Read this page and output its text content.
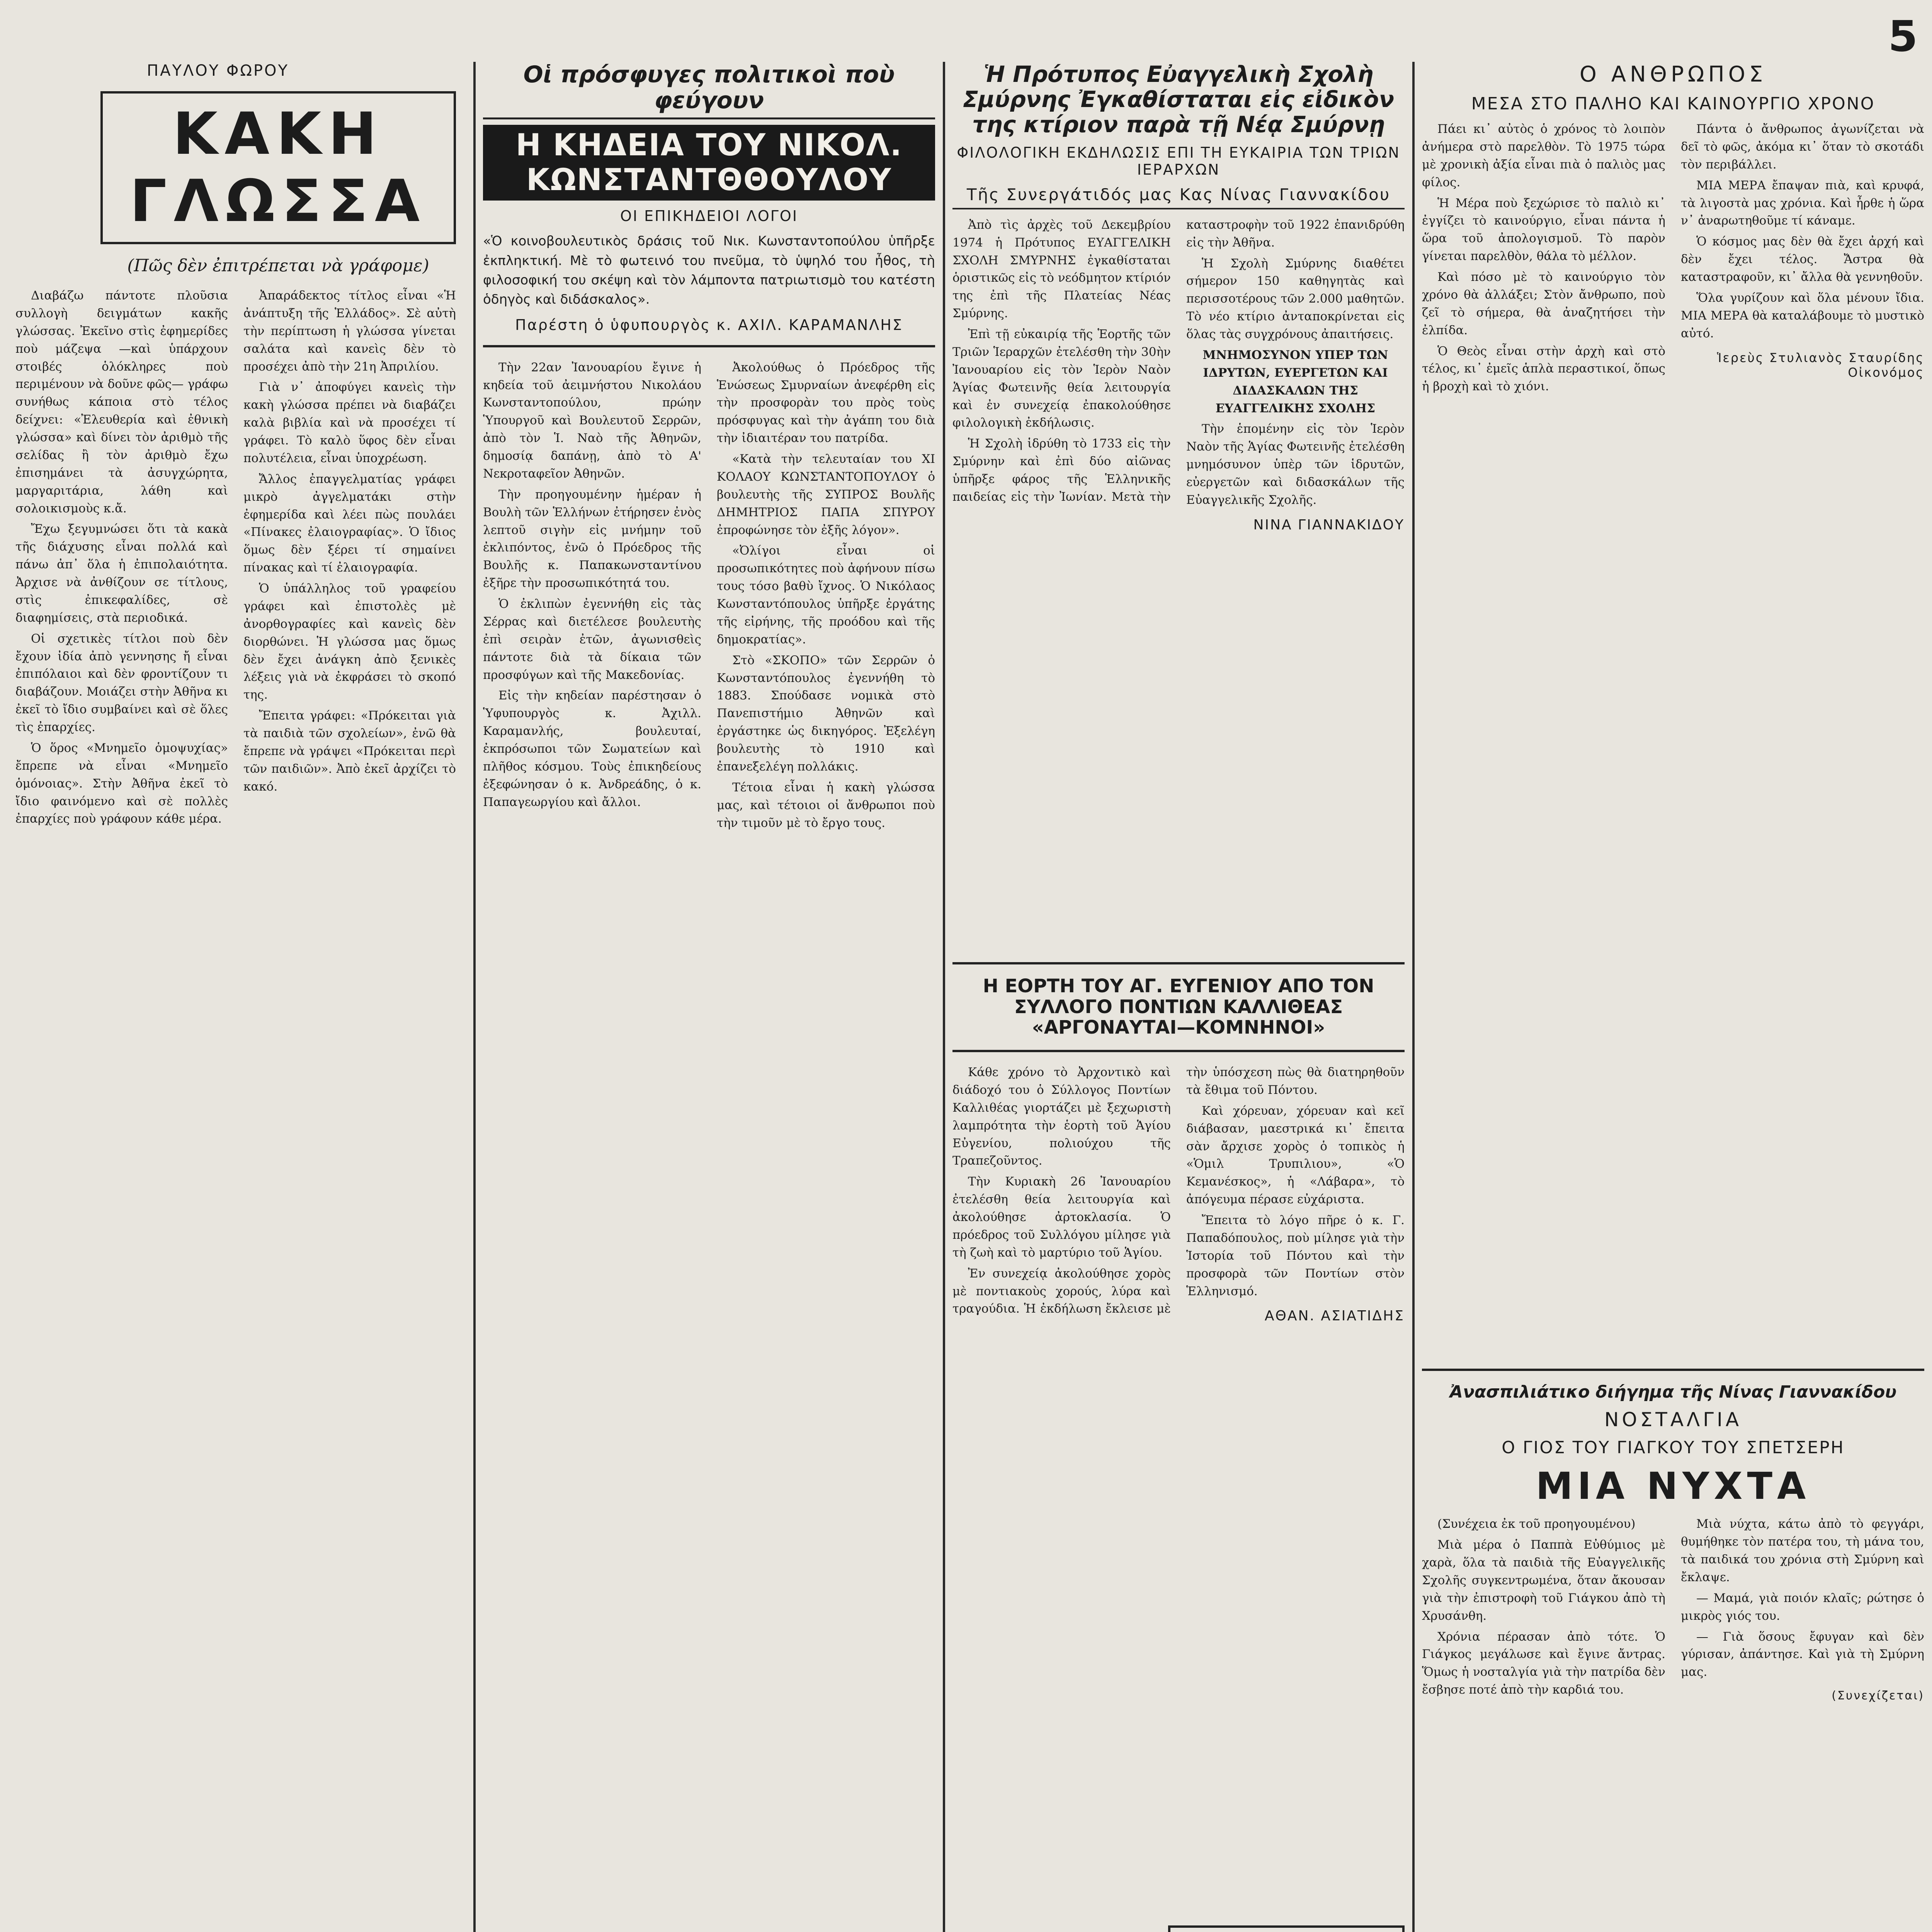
5
ΠΑΥΛΟΥ ΦΩΡΟΥ
ΚΑΚΗ ΓΛΩΣΣΑ
(Πῶς δὲν ἐπιτρέπεται νὰ γράφομε)

Διαβάζω πάντοτε πλοῦσια συλλογὴ δειγμάτων κακῆς γλώσσας. Ἐκεῖνο στὶς ἐφημερίδες ποὺ μάζεψα —καὶ ὑπάρχουν στοιβές ὁλόκληρες ποὺ περιμένουν νὰ δοῦνε φῶς— γράφω συνήθως κάποια στὸ τέλος δείχνει: «Ἐλευθερία καὶ ἐθνικὴ γλώσσα» καὶ δίνει τὸν ἀριθμὸ τῆς σελίδας ἢ τὸν ἀριθμὸ ἔχω ἐπισημάνει τὰ ἀσυγχώρητα, μαργαριτάρια, λάθη καὶ σολοικισμοὺς κ.ἄ.

Ἔχω ξεγυμνώσει ὅτι τὰ κακὰ τῆς διάχυσης εἶναι πολλά καὶ πάνω ἀπ᾿ ὅλα ἡ ἐπιπολαιότητα. Ἀρχισε νὰ ἀνθίζουν σε τίτλους, στὶς ἐπικεφαλίδες, σὲ διαφημίσεις, στὰ περιοδικά.

Οἱ σχετικὲς τίτλοι ποὺ δὲν ἔχουν ἰδία ἀπὸ γεννησης ἤ εἶναι ἐπιπόλαιοι καὶ δὲν φροντίζουν τι διαβάζουν. Μοιάζει στὴν Ἀθῆνα κι ἐκεῖ τὸ ἴδιο συμβαίνει καὶ σὲ ὅλες τὶς ἐπαρχίες.

Ὁ ὅρος «Μνημεῖο ὁμοψυχίας» ἔπρεπε νὰ εἶναι «Μνημεῖο ὁμόνοιας». Στὴν Ἀθῆνα ἐκεῖ τὸ ἴδιο φαινόμενο καὶ σὲ πολλὲς ἐπαρχίες ποὺ γράφουν κάθε μέρα.

Ἀπαράδεκτος τίτλος εἶναι «Ἡ ἀνάπτυξη τῆς Ἑλλάδος». Σὲ αὐτὴ τὴν περίπτωση ἡ γλώσσα γίνεται σαλάτα καὶ κανεὶς δὲν τὸ προσέχει ἀπὸ τὴν 21η Ἀπριλίου.

Γιὰ ν᾿ ἀποφύγει κανεὶς τὴν κακὴ γλώσσα πρέπει νὰ διαβάζει καλὰ βιβλία καὶ νὰ προσέχει τί γράφει. Τὸ καλὸ ὕφος δὲν εἶναι πολυτέλεια, εἶναι ὑποχρέωση.

Ἄλλος ἐπαγγελματίας γράφει μικρὸ ἀγγελματάκι στὴν ἐφημερίδα καὶ λέει πὼς πουλάει «Πίνακες ἐλαιογραφίας». Ὁ ἴδιος ὅμως δὲν ξέρει τί σημαίνει πίνακας καὶ τί ἐλαιογραφία.

Ὁ ὑπάλληλος τοῦ γραφείου γράφει καὶ ἐπιστολὲς μὲ ἀνορθογραφίες καὶ κανεὶς δὲν διορθώνει. Ἡ γλώσσα μας ὅμως δὲν ἔχει ἀνάγκη ἀπὸ ξενικὲς λέξεις γιὰ νὰ ἐκφράσει τὸ σκοπό της.

Ἔπειτα γράφει: «Πρόκειται γιὰ τὰ παιδιὰ τῶν σχολείων», ἐνῶ θὰ ἔπρεπε νὰ γράψει «Πρόκειται περὶ τῶν παιδιῶν». Ἀπὸ ἐκεῖ ἀρχίζει τὸ κακό.

Οἱ πρόσφυγες πολιτικοὶ ποὺ φεύγουν
Η ΚΗΔΕΙΑ ΤΟΥ ΝΙΚΟΛ. ΚΩΝΣΤΑΝΤΘΘΟΥΛΟΥ
ΟΙ ΕΠΙΚΗΔΕΙΟΙ ΛΟΓΟΙ
«Ὁ κοινοβουλευτικὸς δράσις τοῦ Νικ. Κωνσταντοπούλου ὑπῆρξε ἐκπληκτική. Μὲ τὸ φωτεινό του πνεῦμα, τὸ ὑψηλό του ἦθος, τὴ φιλοσοφική του σκέψη καὶ τὸν λάμποντα πατριωτισμὸ του κατέστη ὁδηγὸς καὶ διδάσκαλος».
Παρέστη ὁ ὑφυπουργὸς κ. ΑΧΙΛ. ΚΑΡΑΜΑΝΛΗΣ

Τὴν 22αν Ἰανουαρίου ἔγινε ἡ κηδεία τοῦ ἀειμνήστου Νικολάου Κωνσταντοπούλου, πρώην Ὑπουργοῦ καὶ Βουλευτοῦ Σερρῶν, ἀπὸ τὸν Ἱ. Ναὸ τῆς Ἀθηνῶν, δημοσίᾳ δαπάνῃ, ἀπὸ τὸ Α' Νεκροταφεῖον Ἀθηνῶν.

Τὴν προηγουμένην ἡμέραν ἡ Βουλὴ τῶν Ἑλλήνων ἐτήρησεν ἐνὸς λεπτοῦ σιγὴν εἰς μνήμην τοῦ ἐκλιπόντος, ἐνῶ ὁ Πρόεδρος τῆς Βουλῆς κ. Παπακωνσταντίνου ἐξῆρε τὴν προσωπικότητά του.

Ὁ ἐκλιπὼν ἐγεννήθη εἰς τὰς Σέρρας καὶ διετέλεσε βουλευτὴς ἐπὶ σειρὰν ἐτῶν, ἀγωνισθεὶς πάντοτε διὰ τὰ δίκαια τῶν προσφύγων καὶ τῆς Μακεδονίας.

Εἰς τὴν κηδείαν παρέστησαν ὁ Ὑφυπουργὸς κ. Ἀχιλλ. Καραμανλής, βουλευταί, ἐκπρόσωποι τῶν Σωματείων καὶ πλῆθος κόσμου. Τοὺς ἐπικηδείους ἐξεφώνησαν ὁ κ. Ἀνδρεάδης, ὁ κ. Παπαγεωργίου καὶ ἄλλοι.

Ἀκολούθως ὁ Πρόεδρος τῆς Ἑνώσεως Σμυρναίων ἀνεφέρθη εἰς τὴν προσφορὰν του πρὸς τοὺς πρόσφυγας καὶ τὴν ἀγάπη του διὰ τὴν ἰδιαιτέραν του πατρίδα.

«Κατὰ τὴν τελευταίαν του XI ΚΟΛΑΟΥ ΚΩΝΣΤΑΝΤΟΠΟΥΛΟΥ ὁ βουλευτὴς τῆς ΣΥΠΡΟΣ Βουλῆς ΔΗΜΗΤΡΙΟΣ ΠΑΠΑ ΣΠΥΡΟΥ ἐπροφώνησε τὸν ἐξῆς λόγον».

«Ὀλίγοι εἶναι οἱ προσωπικότητες ποὺ ἀφήνουν πίσω τους τόσο βαθὺ ἴχνος. Ὁ Νικόλαος Κωνσταντόπουλος ὑπῆρξε ἐργάτης τῆς εἰρήνης, τῆς προόδου καὶ τῆς δημοκρατίας».

Στὸ «ΣΚΟΠΟ» τῶν Σερρῶν ὁ Κωνσταντόπουλος ἐγεννήθη τὸ 1883. Σπούδασε νομικὰ στὸ Πανεπιστήμιο Ἀθηνῶν καὶ ἐργάστηκε ὡς δικηγόρος. Ἐξελέγη βουλευτὴς τὸ 1910 καὶ ἐπανεξελέγη πολλάκις.

Τέτοια εἶναι ἡ κακὴ γλώσσα μας, καὶ τέτοιοι οἱ ἄνθρωποι ποὺ τὴν τιμοῦν μὲ τὸ ἔργο τους.

Ἡ Πρότυπος Εὐαγγελικὴ Σχολὴ Σμύρνης Ἐγκαθίσταται εἰς εἰδικὸν της κτίριον παρὰ τῇ Νέᾳ Σμύρνῃ
ΦΙΛΟΛΟΓΙΚΗ ΕΚΔΗΛΩΣΙΣ ΕΠΙ ΤΗ ΕΥΚΑΙΡΙΑ ΤΩΝ ΤΡΙΩΝ ΙΕΡΑΡΧΩΝ
Τῆς Συνεργάτιδός μας Κας Νίνας Γιαννακίδου

Ἀπὸ τὶς ἀρχὲς τοῦ Δεκεμβρίου 1974 ἡ Πρότυπος ΕΥΑΓΓΕΛΙΚΗ ΣΧΟΛΗ ΣΜΥΡΝΗΣ ἐγκαθίσταται ὁριστικῶς εἰς τὸ νεόδμητον κτίριόν της ἐπὶ τῆς Πλατείας Νέας Σμύρνης.

Ἐπὶ τῇ εὐκαιρίᾳ τῆς Ἑορτῆς τῶν Τριῶν Ἱεραρχῶν ἐτελέσθη τὴν 30ὴν Ἰανουαρίου εἰς τὸν Ἱερὸν Ναὸν Ἁγίας Φωτεινῆς θεία λειτουργία καὶ ἐν συνεχείᾳ ἐπακολούθησε φιλολογικὴ ἐκδήλωσις.

Ἡ Σχολὴ ἱδρύθη τὸ 1733 εἰς τὴν Σμύρνην καὶ ἐπὶ δύο αἰῶνας ὑπῆρξε φάρος τῆς Ἑλληνικῆς παιδείας εἰς τὴν Ἰωνίαν. Μετὰ τὴν καταστροφὴν τοῦ 1922 ἐπανιδρύθη εἰς τὴν Ἀθῆνα.

Ἡ Σχολὴ Σμύρνης διαθέτει σήμερον 150 καθηγητὰς καὶ περισσοτέρους τῶν 2.000 μαθητῶν. Τὸ νέο κτίριο ἀνταποκρίνεται εἰς ὅλας τὰς συγχρόνους ἀπαιτήσεις.

ΜΝΗΜΟΣΥΝΟΝ ΥΠΕΡ ΤΩΝ ΙΔΡΥΤΩΝ, ΕΥΕΡΓΕΤΩΝ ΚΑΙ ΔΙΔΑΣΚΑΛΩΝ ΤΗΣ ΕΥΑΓΓΕΛΙΚΗΣ ΣΧΟΛΗΣ

Τὴν ἑπομένην εἰς τὸν Ἱερὸν Ναὸν τῆς Ἁγίας Φωτεινῆς ἐτελέσθη μνημόσυνον ὑπὲρ τῶν ἱδρυτῶν, εὐεργετῶν καὶ διδασκάλων τῆς Εὐαγγελικῆς Σχολῆς.

ΝΙΝΑ ΓΙΑΝΝΑΚΙΔΟΥ
Η ΕΟΡΤΗ ΤΟΥ ΑΓ. ΕΥΓΕΝΙΟΥ ΑΠΟ ΤΟΝ ΣΥΛΛΟΓΟ ΠΟΝΤΙΩΝ ΚΑΛΛΙΘΕΑΣ «ΑΡΓΟΝΑΥΤΑΙ—ΚΟΜΝΗΝΟΙ»

Κάθε χρόνο τὸ Ἀρχοντικὸ καὶ διάδοχό του ὁ Σύλλογος Ποντίων Καλλιθέας γιορτάζει μὲ ξεχωριστὴ λαμπρότητα τὴν ἑορτὴ τοῦ Ἁγίου Εὐγενίου, πολιούχου τῆς Τραπεζοῦντος.

Τὴν Κυριακὴ 26 Ἰανουαρίου ἐτελέσθη θεία λειτουργία καὶ ἀκολούθησε ἀρτοκλασία. Ὁ πρόεδρος τοῦ Συλλόγου μίλησε γιὰ τὴ ζωὴ καὶ τὸ μαρτύριο τοῦ Ἁγίου.

Ἐν συνεχείᾳ ἀκολούθησε χορὸς μὲ ποντιακοὺς χορούς, λύρα καὶ τραγούδια. Ἡ ἐκδήλωση ἔκλεισε μὲ τὴν ὑπόσχεση πὼς θὰ διατηρηθοῦν τὰ ἔθιμα τοῦ Πόντου.

Καὶ χόρευαν, χόρευαν καὶ κεῖ διάβασαν, μαεστρικά κι᾿ ἔπειτα σὰν ἄρχισε χορὸς ὁ τοπικὸς ἡ «Ὁμιλ Τρυπιλιου», «Ὁ Κεμανέσκος», ἡ «Λάβαρα», τὸ ἀπόγευμα πέρασε εὐχάριστα.

Ἔπειτα τὸ λόγο πῆρε ὁ κ. Γ. Παπαδόπουλος, ποὺ μίλησε γιὰ τὴν Ἱστορία τοῦ Πόντου καὶ τὴν προσφορὰ τῶν Ποντίων στὸν Ἑλληνισμό.

ΑΘΑΝ. ΑΣΙΑΤΙΔΗΣ
Ο ΑΝΘΡΩΠΟΣ
ΜΕΣΑ ΣΤΟ ΠΑΛΗΟ ΚΑΙ ΚΑΙΝΟΥΡΓΙΟ ΧΡΟΝΟ

Πάει κι᾿ αὐτὸς ὁ χρόνος τὸ λοιπὸν ἀνήμερα στὸ παρελθὸν. Τὸ 1975 τώρα μὲ χρονικὴ ἀξία εἶναι πιὰ ὁ παλιὸς μας φίλος.

Ἡ Μέρα ποὺ ξεχώρισε τὸ παλιὸ κι᾿ ἐγγίζει τὸ καινούργιο, εἶναι πάντα ἡ ὥρα τοῦ ἀπολογισμοῦ. Τὸ παρὸν γίνεται παρελθὸν, θάλα τὸ μέλλον.

Καὶ πόσο μὲ τὸ καινούργιο τὸν χρόνο θὰ ἀλλάξει; Στὸν ἄνθρωπο, ποὺ ζεῖ τὸ σήμερα, θὰ ἀναζητήσει τὴν ἐλπίδα.

Ὁ Θεὸς εἶναι στὴν ἀρχὴ καὶ στὸ τέλος, κι᾿ ἐμεῖς ἁπλὰ περαστικοί, ὅπως ἡ βροχὴ καὶ τὸ χιόνι.

Πάντα ὁ ἄνθρωπος ἀγωνίζεται νὰ δεῖ τὸ φῶς, ἀκόμα κι᾿ ὅταν τὸ σκοτάδι τὸν περιβάλλει.

ΜΙΑ ΜΕΡΑ ἔπαψαν πιὰ, καὶ κρυφά, τὰ λιγοστὰ μας χρόνια. Καὶ ἦρθε ἡ ὥρα ν᾿ ἀναρωτηθοῦμε τί κάναμε.

Ὁ κόσμος μας δὲν θὰ ἔχει ἀρχή καὶ δὲν ἔχει τέλος. Ἄστρα θὰ καταστραφοῦν, κι᾿ ἄλλα θὰ γεννηθοῦν.

Ὅλα γυρίζουν καὶ ὅλα μένουν ἴδια. ΜΙΑ ΜΕΡΑ θὰ καταλάβουμε τὸ μυστικὸ αὐτό.

Ἱερεὺς Στυλιανὸς Σταυρίδης Οἰκονόμος
Ἀνασπιλιάτικο διήγημα τῆς Νίνας Γιαννακίδου
ΝΟΣΤΑΛΓΙΑ
Ο ΓΙΟΣ ΤΟΥ ΓΙΑΓΚΟΥ ΤΟΥ ΣΠΕΤΣΕΡΗ
ΜΙΑ ΝΥΧΤΑ

(Συνέχεια ἐκ τοῦ προηγουμένου)

Μιὰ μέρα ὁ Παππὰ Εὐθύμιος μὲ χαρὰ, ὅλα τὰ παιδιὰ τῆς Εὐαγγελικῆς Σχολῆς συγκεντρωμένα, ὅταν ἄκουσαν γιὰ τὴν ἐπιστροφὴ τοῦ Γιάγκου ἀπὸ τὴ Χρυσάνθη.

Χρόνια πέρασαν ἀπὸ τότε. Ὁ Γιάγκος μεγάλωσε καὶ ἔγινε ἄντρας. Ὅμως ἡ νοσταλγία γιὰ τὴν πατρίδα δὲν ἔσβησε ποτέ ἀπὸ τὴν καρδιά του.

Μιὰ νύχτα, κάτω ἀπὸ τὸ φεγγάρι, θυμήθηκε τὸν πατέρα του, τὴ μάνα του, τὰ παιδικά του χρόνια στὴ Σμύρνη καὶ ἔκλαψε.

— Μαμά, γιὰ ποιόν κλαῖς; ρώτησε ὁ μικρὸς γιός του.

— Γιὰ ὅσους ἔφυγαν καὶ δὲν γύρισαν, ἀπάντησε. Καὶ γιὰ τὴ Σμύρνη μας.

(Συνεχίζεται)
